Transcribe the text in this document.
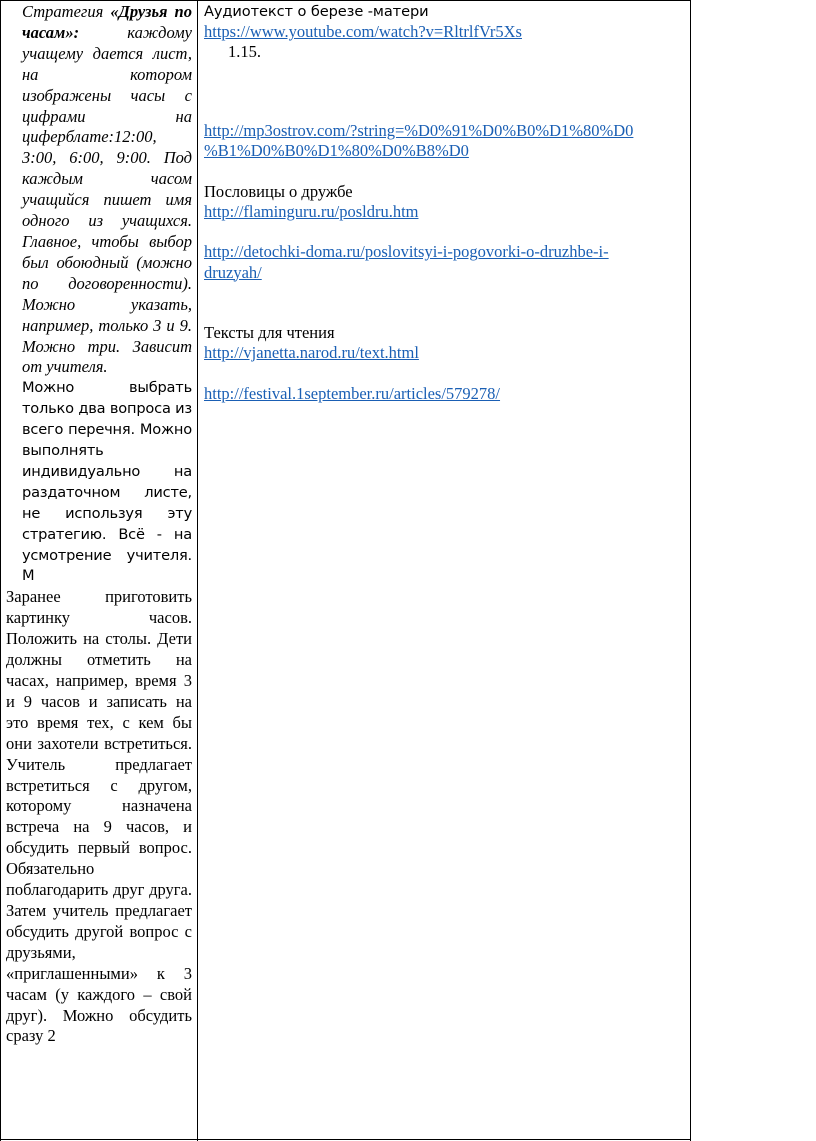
Стратегия «Друзья по часам»:	каждому учащему дается лист, на котором изображены часы с цифрами на циферблате:12:00, 3:00, 6:00, 9:00. Под каждым часом учащийся пишет имя одного из учащихся. Главное, чтобы выбор был обоюдный (можно по договоренности). Можно указать, например, только 3 и 9. Можно три. Зависит от учителя.
Можно выбрать только два вопроса из всего перечня. Можно выполнять индивидуально на раздаточном листе, не используя эту стратегию. Всё - на усмотрение учителя. М
Заранее приготовить картинку часов. Положить на столы. Дети должны отметить на часах, например, время 3 и 9 часов и записать на это время тех, с кем бы они захотели встретиться. Учитель предлагает встретиться с другом, которому назначена встреча на 9 часов, и обсудить первый вопрос. Обязательно поблагодарить друг друга. Затем учитель предлагает обсудить другой вопрос с друзьями, «приглашенными» к 3 часам (у каждого – свой друг). Можно обсудить сразу 2
Аудиотекст о березе -матери
https://www.youtube.com/watch?v=RltrlfVr5Xs
1.15.
http://mp3ostrov.com/?string=%D0%91%D0%B0%D1%80%D0
%B1%D0%B0%D1%80%D0%B8%D0
Пословицы о дружбе
http://flaminguru.ru/posldru.htm
http://detochki-doma.ru/poslovitsyi-i-pogovorki-o-druzhbe-i-
druzyah/
Тексты для чтения
http://vjanetta.narod.ru/text.html
http://festival.1september.ru/articles/579278/
